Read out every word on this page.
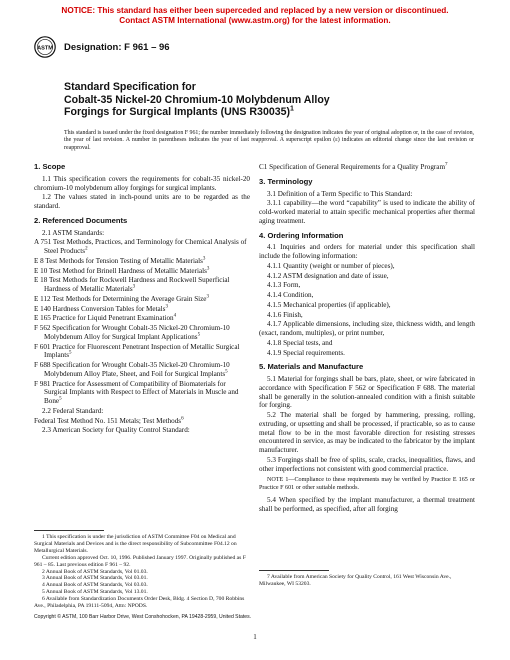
NOTICE: This standard has either been superceded and replaced by a new version or discontinued.
Contact ASTM International (www.astm.org) for the latest information.
ASTM Designation: F 961 – 96
Standard Specification for
Cobalt-35 Nickel-20 Chromium-10 Molybdenum Alloy
Forgings for Surgical Implants (UNS R30035)$^1$
This standard is issued under the fixed designation F 961; the number immediately following the designation indicates the year of original adoption or, in the case of revision, the year of last revision. A number in parentheses indicates the year of last reapproval. A superscript epsilon (ε) indicates an editorial change since the last revision or reapproval.
1. Scope

1.1 This specification covers the requirements for cobalt-35 nickel-20 chromium-10 molybdenum alloy forgings for surgical implants.

1.2 The values stated in inch-pound units are to be regarded as the standard.

2. Referenced Documents

2.1 ASTM Standards:

A 751 Test Methods, Practices, and Terminology for Chemical Analysis of Steel Products$^2$

E 8 Test Methods for Tension Testing of Metallic Materials$^3$

E 10 Test Method for Brinell Hardness of Metallic Materials$^3$

E 18 Test Methods for Rockwell Hardness and Rockwell Superficial Hardness of Metallic Materials$^3$

E 112 Test Methods for Determining the Average Grain Size$^3$

E 140 Hardness Conversion Tables for Metals$^3$

E 165 Practice for Liquid Penetrant Examination$^4$

F 562 Specification for Wrought Cobalt-35 Nickel-20 Chromium-10 Molybdenum Alloy for Surgical Implant Applications$^5$

F 601 Practice for Fluorescent Penetrant Inspection of Metallic Surgical Implants$^5$

F 688 Specification for Wrought Cobalt-35 Nickel-20 Chromium-10 Molybdenum Alloy Plate, Sheet, and Foil for Surgical Implants$^5$

F 981 Practice for Assessment of Compatibility of Biomaterials for Surgical Implants with Respect to Effect of Materials in Muscle and Bone$^5$

2.2 Federal Standard:

Federal Test Method No. 151 Metals; Test Methods$^6$

2.3 American Society for Quality Control Standard:

C1 Specification of General Requirements for a Quality Program$^7$

3. Terminology

3.1 Definition of a Term Specific to This Standard:

3.1.1 capability—the word “capability” is used to indicate the ability of cold-worked material to attain specific mechanical properties after thermal aging treatment.

4. Ordering Information

4.1 Inquiries and orders for material under this specification shall include the following information:

4.1.1 Quantity (weight or number of pieces),

4.1.2 ASTM designation and date of issue,

4.1.3 Form,

4.1.4 Condition,

4.1.5 Mechanical properties (if applicable),

4.1.6 Finish,

4.1.7 Applicable dimensions, including size, thickness width, and length (exact, random, multiples), or print number,

4.1.8 Special tests, and

4.1.9 Special requirements.

5. Materials and Manufacture

5.1 Material for forgings shall be bars, plate, sheet, or wire fabricated in accordance with Specification F 562 or Specification F 688. The material shall be generally in the solution-annealed condition with a finish suitable for forging.

5.2 The material shall be forged by hammering, pressing, rolling, extruding, or upsetting and shall be processed, if practicable, so as to cause metal flow to be in the most favorable direction for resisting stresses encountered in service, as may be indicated to the fabricator by the implant manufacturer.

5.3 Forgings shall be free of splits, scale, cracks, inequalities, flaws, and other imperfections not consistent with good commercial practice.

NOTE 1—Compliance to these requirements may be verified by Practice E 165 or Practice F 601 or other suitable methods.

5.4 When specified by the implant manufacturer, a thermal treatment shall be performed, as specified, after all forging

1 This specification is under the jurisdiction of ASTM Committee F04 on Medical and Surgical Materials and Devices and is the direct responsibility of Subcommittee F04.12 on Metallurgical Materials.

Current edition approved Oct. 10, 1996. Published January 1997. Originally published as F 961 – 85. Last previous edition F 961 – 92.

2 Annual Book of ASTM Standards, Vol 01.03.

3 Annual Book of ASTM Standards, Vol 03.01.

4 Annual Book of ASTM Standards, Vol 03.03.

5 Annual Book of ASTM Standards, Vol 13.01.

6 Available from Standardization Documents Order Desk, Bldg. 4 Section D, 700 Robbins Ave., Philadelphia, PA 19111-5094, Attn: NPODS.

7 Available from American Society for Quality Control, 161 West Wisconsin Ave., Milwaukee, WI 53203.

Copyright © ASTM, 100 Barr Harbor Drive, West Conshohocken, PA 19428-2959, United States.
1
